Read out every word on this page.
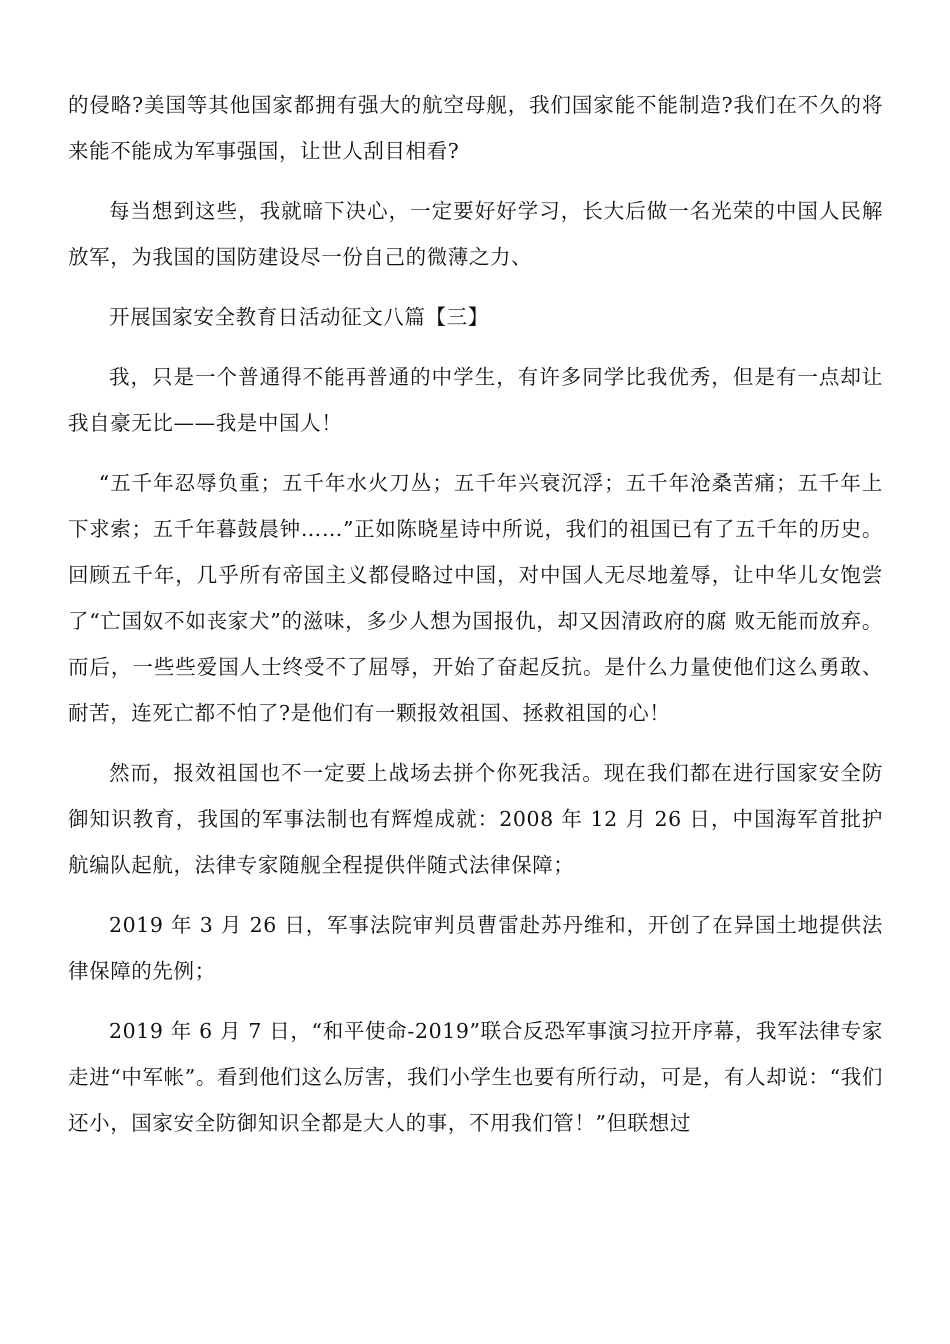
的侵略?美国等其他国家都拥有强大的航空母舰，我们国家能不能制造?我们在不久的将来能不能成为军事强国，让世人刮目相看?

每当想到这些，我就暗下决心，一定要好好学习，长大后做一名光荣的中国人民解放军，为我国的国防建设尽一份自己的微薄之力、

开展国家安全教育日活动征文八篇【三】

我，只是一个普通得不能再普通的中学生，有许多同学比我优秀，但是有一点却让我自豪无比——我是中国人！

“五千年忍辱负重；五千年水火刀丛；五千年兴衰沉浮；五千年沧桑苦痛；五千年上下求索；五千年暮鼓晨钟……”正如陈晓星诗中所说，我们的祖国已有了五千年的历史。回顾五千年，几乎所有帝国主义都侵略过中国，对中国人无尽地羞辱，让中华儿女饱尝了“亡国奴不如丧家犬”的滋味，多少人想为国报仇，却又因清政府的腐 败无能而放弃。而后，一些些爱国人士终受不了屈辱，开始了奋起反抗。是什么力量使他们这么勇敢、耐苦，连死亡都不怕了?是他们有一颗报效祖国、拯救祖国的心！

然而，报效祖国也不一定要上战场去拼个你死我活。现在我们都在进行国家安全防御知识教育，我国的军事法制也有辉煌成就：2008 年 12 月 26 日，中国海军首批护航编队起航，法律专家随舰全程提供伴随式法律保障；

2019 年 3 月 26 日，军事法院审判员曹雷赴苏丹维和，开创了在异国土地提供法律保障的先例；

2019 年 6 月 7 日，“和平使命-2019”联合反恐军事演习拉开序幕，我军法律专家走进“中军帐”。看到他们这么厉害，我们小学生也要有所行动，可是，有人却说：“我们还小，国家安全防御知识全都是大人的事，不用我们管！”但联想过
